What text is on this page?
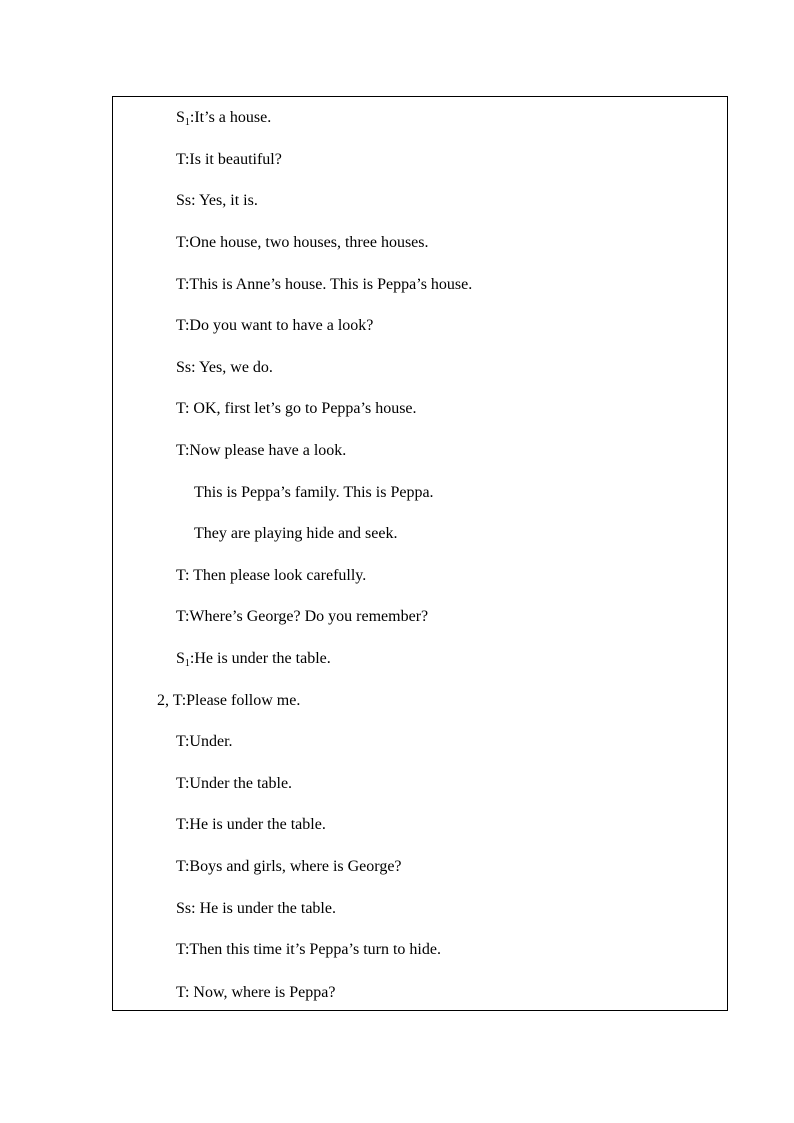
$S_1:It’s$ a house.
T:Is it beautiful?
Ss: Yes, it is.
T:One house, two houses, three houses.
T:This is Anne’s house. This is Peppa’s house.
T:Do you want to have a look?
Ss: Yes, we do.
T: OK, first let’s go to Peppa’s house.
T:Now please have a look.
This is Peppa’s family. This is Peppa.
They are playing hide and seek.
T: Then please look carefully.
T:Where’s George? Do you remember?
$S_1:He$ is under the table.
2, T:Please follow me.
T:Under.
T:Under the table.
T:He is under the table.
T:Boys and girls, where is George?
Ss: He is under the table.
T:Then this time it’s Peppa’s turn to hide.
T: Now, where is Peppa?
